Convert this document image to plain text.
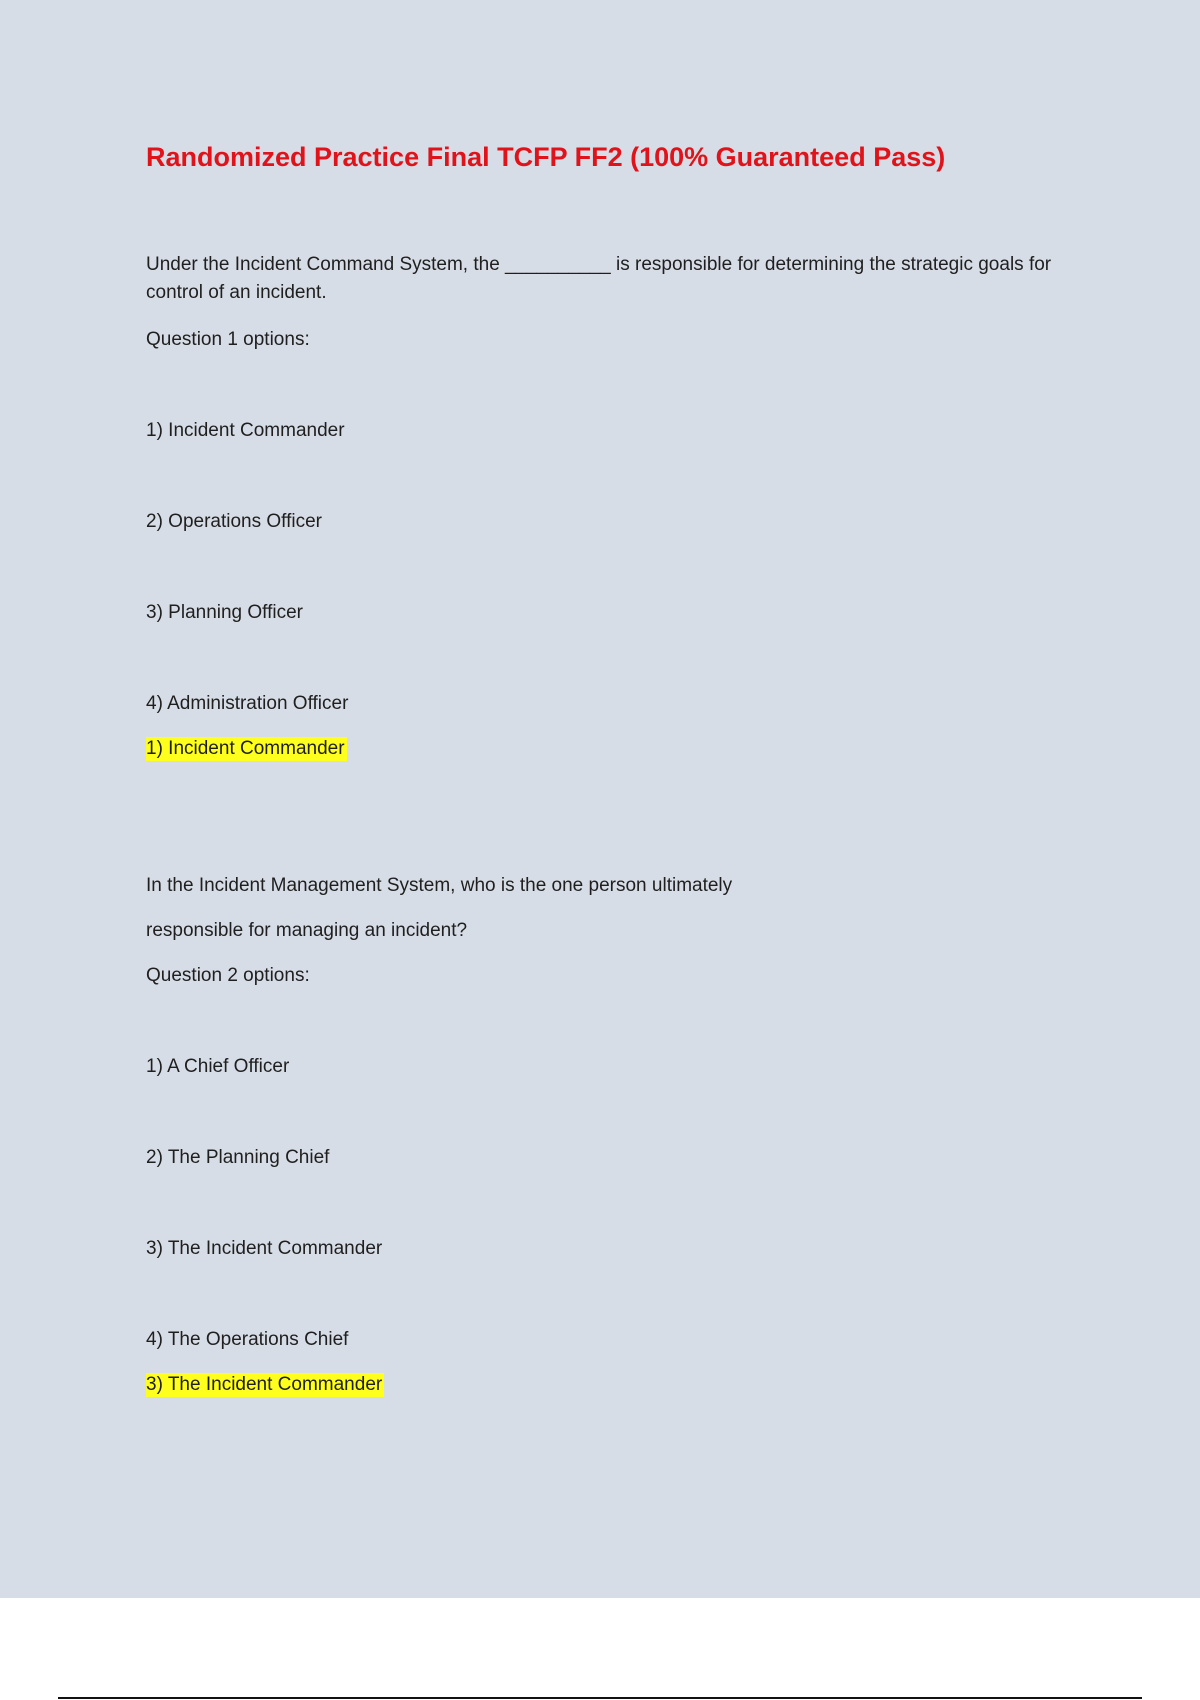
Randomized Practice Final TCFP FF2 (100% Guaranteed Pass)

Under the Incident Command System, the __________ is responsible for determining the strategic goals for control of an incident.

Question 1 options:

1) Incident Commander

2) Operations Officer

3) Planning Officer

4) Administration Officer

1) Incident Commander

In the Incident Management System, who is the one person ultimately

responsible for managing an incident?

Question 2 options:

1) A Chief Officer

2) The Planning Chief

3) The Incident Commander

4) The Operations Chief

3) The Incident Commander
